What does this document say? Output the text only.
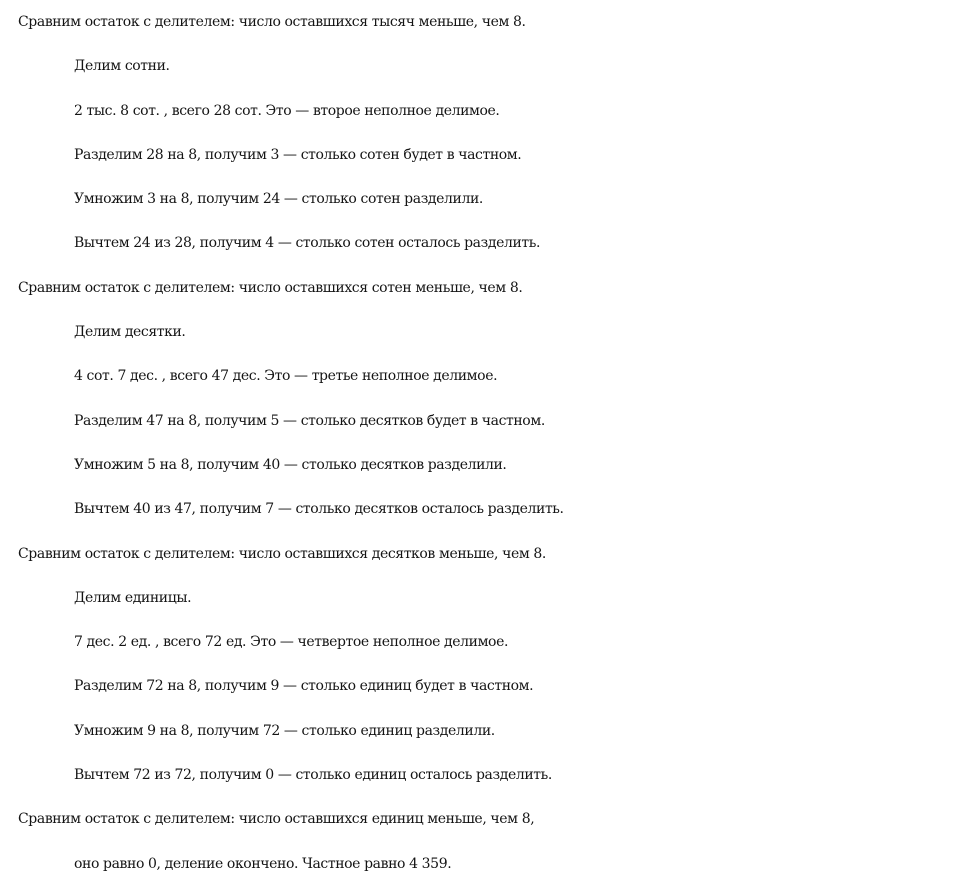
Сравним остаток с делителем: число оставшихся тысяч меньше, чем 8.
Делим сотни.
2 тыс. 8 сот. , всего 28 сот. Это — второе неполное делимое.
Разделим 28 на 8, получим 3 — столько сотен будет в частном.
Умножим 3 на 8, получим 24 — столько сотен разделили.
Вычтем 24 из 28, получим 4 — столько сотен осталось разделить.
Сравним остаток с делителем: число оставшихся сотен меньше, чем 8.
Делим десятки.
4 сот. 7 дес. , всего 47 дес. Это — третье неполное делимое.
Разделим 47 на 8, получим 5 — столько десятков будет в частном.
Умножим 5 на 8, получим 40 — столько десятков разделили.
Вычтем 40 из 47, получим 7 — столько десятков осталось разделить.
Сравним остаток с делителем: число оставшихся десятков меньше, чем 8.
Делим единицы.
7 дес. 2 ед. , всего 72 ед. Это — четвертое неполное делимое.
Разделим 72 на 8, получим 9 — столько единиц будет в частном.
Умножим 9 на 8, получим 72 — столько единиц разделили.
Вычтем 72 из 72, получим 0 — столько единиц осталось разделить.
Сравним остаток с делителем: число оставшихся единиц меньше, чем 8,
оно равно 0, деление окончено. Частное равно 4 359.
